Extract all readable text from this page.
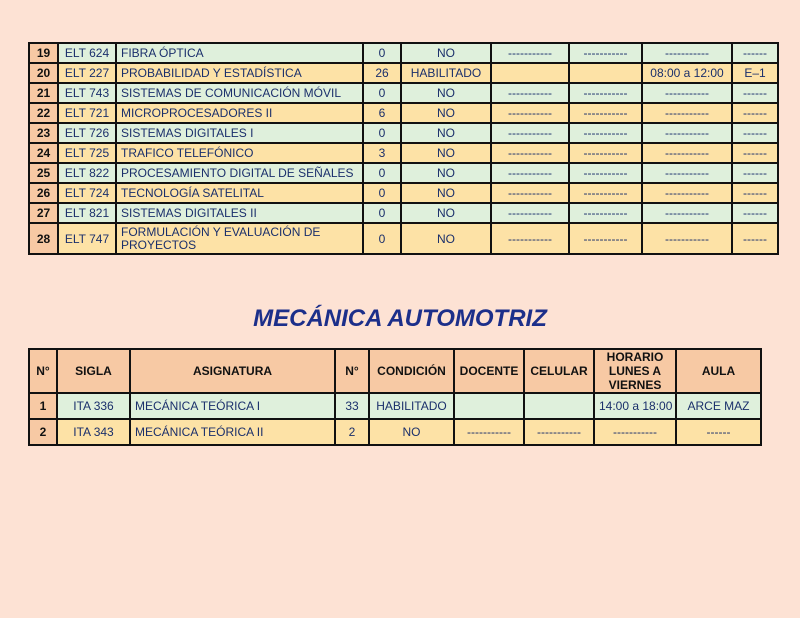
19	ELT 624	FIBRA ÓPTICA	0	NO	-----------	-----------	-----------	------
20	ELT 227	PROBABILIDAD Y ESTADÍSTICA	26	HABILITADO			08:00 a 12:00	E–1
21	ELT 743	SISTEMAS DE COMUNICACIÓN MÓVIL	0	NO	-----------	-----------	-----------	------
22	ELT 721	MICROPROCESADORES II	6	NO	-----------	-----------	-----------	------
23	ELT 726	SISTEMAS DIGITALES I	0	NO	-----------	-----------	-----------	------
24	ELT 725	TRAFICO TELEFÓNICO	3	NO	-----------	-----------	-----------	------
25	ELT 822	PROCESAMIENTO DIGITAL DE SEÑALES	0	NO	-----------	-----------	-----------	------
26	ELT 724	TECNOLOGÍA SATELITAL	0	NO	-----------	-----------	-----------	------
27	ELT 821	SISTEMAS DIGITALES II	0	NO	-----------	-----------	-----------	------
28	ELT 747	FORMULACIÓN Y EVALUACIÓN DE PROYECTOS	0	NO	-----------	-----------	-----------	------
MECÁNICA AUTOMOTRIZ
N°	SIGLA	ASIGNATURA	N°	CONDICIÓN	DOCENTE	CELULAR	HORARIO LUNES A VIERNES	AULA
1	ITA 336	MECÁNICA TEÓRICA I	33	HABILITADO			14:00 a 18:00	ARCE MAZ
2	ITA 343	MECÁNICA TEÓRICA II	2	NO	-----------	-----------	-----------	------
